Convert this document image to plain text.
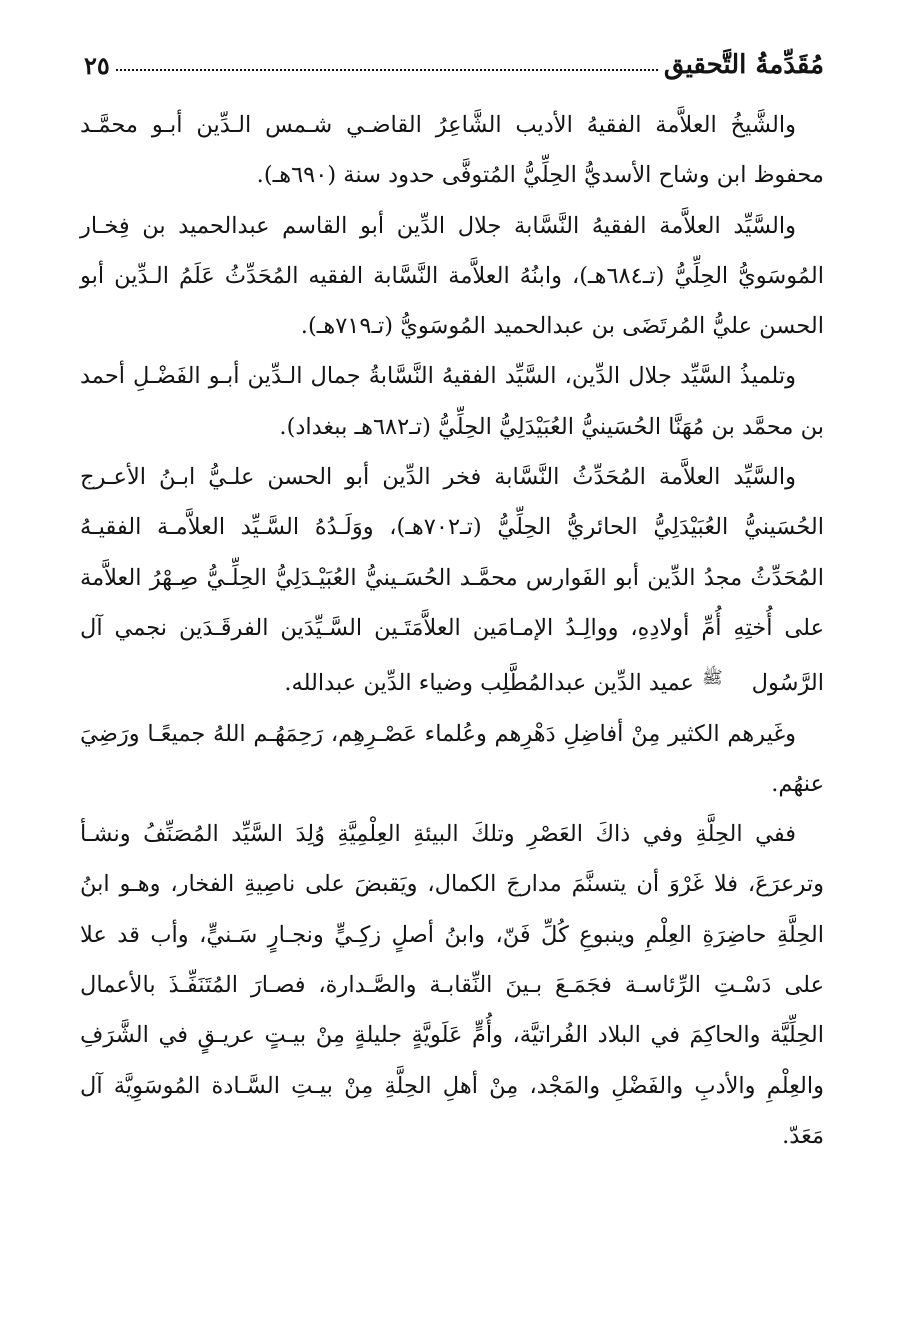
مُقَدِّمةُ التَّحقيق
٢٥

والشَّيخُ العلاَّمة الفقيهُ الأديب الشَّاعِرُ القاضـي شـمس الـدِّين أبـو محمَّـد محفوظ ابن وشاح الأسديُّ الحِلِّيُّ المُتوفَّى حدود سنة (٦٩٠هـ).

والسَّيِّد العلاَّمة الفقيهُ النَّسَّابة جلال الدِّين أبو القاسم عبدالحميد بن فِخـار المُوسَويُّ الحِلِّيُّ (تـ٦٨٤هـ)، وابنُهُ العلاَّمة النَّسَّابة الفقيه المُحَدِّثُ عَلَمُ الـدِّين أبو الحسن عليُّ المُرتَضَى بن عبدالحميد المُوسَويُّ (تـ٧١٩هـ).

وتلميذُ السَّيِّد جلال الدِّين، السَّيِّد الفقيهُ النَّسَّابةُ جمال الـدِّين أبـو الفَضْـلِ أحمد بن محمَّد بن مُهَنَّا الحُسَينيُّ العُبَيْدَلِيُّ الحِلِّيُّ (تـ٦٨٢هـ ببغداد).

والسَّيِّد العلاَّمة المُحَدِّثُ النَّسَّابة فخر الدِّين أبو الحسن علـيُّ ابـنُ الأعـرج الحُسَينيُّ العُبَيْدَلِيُّ الحائريُّ الحِلِّيُّ (تـ٧٠٢هـ)، ووَلَـدُهُ السَّـيِّد العلاَّمـة الفقيـهُ المُحَدِّثُ مجدُ الدِّين أبو الفَوارس محمَّـد الحُسَـينيُّ العُبَيْـدَلِيُّ الحِلِّـيُّ صِـهْرُ العلاَّمة على أُختِهِ أُمِّ أولادِهِ، ووالِـدُ الإمـامَين العلاَّمَتَـين السَّـيِّدَين الفرقَـدَين نجمي آل الرَّسُولﷺ عميد الدِّين عبدالمُطَّلِب وضياء الدِّين عبدالله.

وغَيرهم الكثير مِنْ أفاضِلِ دَهْرِهم وعُلماء عَصْـرِهِم، رَحِمَهُـم اللهُ جميعًـا ورَضِيَ عنهُم.

ففي الحِلَّةِ وفي ذاكَ العَصْرِ وتلكَ البيئةِ العِلْمِيَّةِ وُلِدَ السَّيِّد المُصَنِّفُ ونشـأ وترعرَعَ، فلا غَرْوَ أن يتسنَّمَ مدارجَ الكمال، ويَقبضَ على ناصِيةِ الفخار، وهـو ابنُ الحِلَّةِ حاضِرَةِ العِلْمِ وينبوعِ كُلِّ فَنّ، وابنُ أصلٍ زكِـيٍّ ونجـارٍ سَـنيٍّ، وأب قد علا على دَسْـتِ الرِّئاسـة فجَمَـعَ بـينَ النِّقابـة والصَّـدارة، فصـارَ المُتَنَفِّـذَ بالأعمال الحِلِّيَّة والحاكِمَ في البلاد الفُراتيَّة، وأُمٍّ عَلَويَّةٍ جليلةٍ مِنْ بيـتٍ عريـقٍ في الشَّرَفِ والعِلْمِ والأدبِ والفَضْلِ والمَجْد، مِنْ أهلِ الحِلَّةِ مِنْ بيـتِ السَّـادة المُوسَوِيَّة آل مَعَدّ.
